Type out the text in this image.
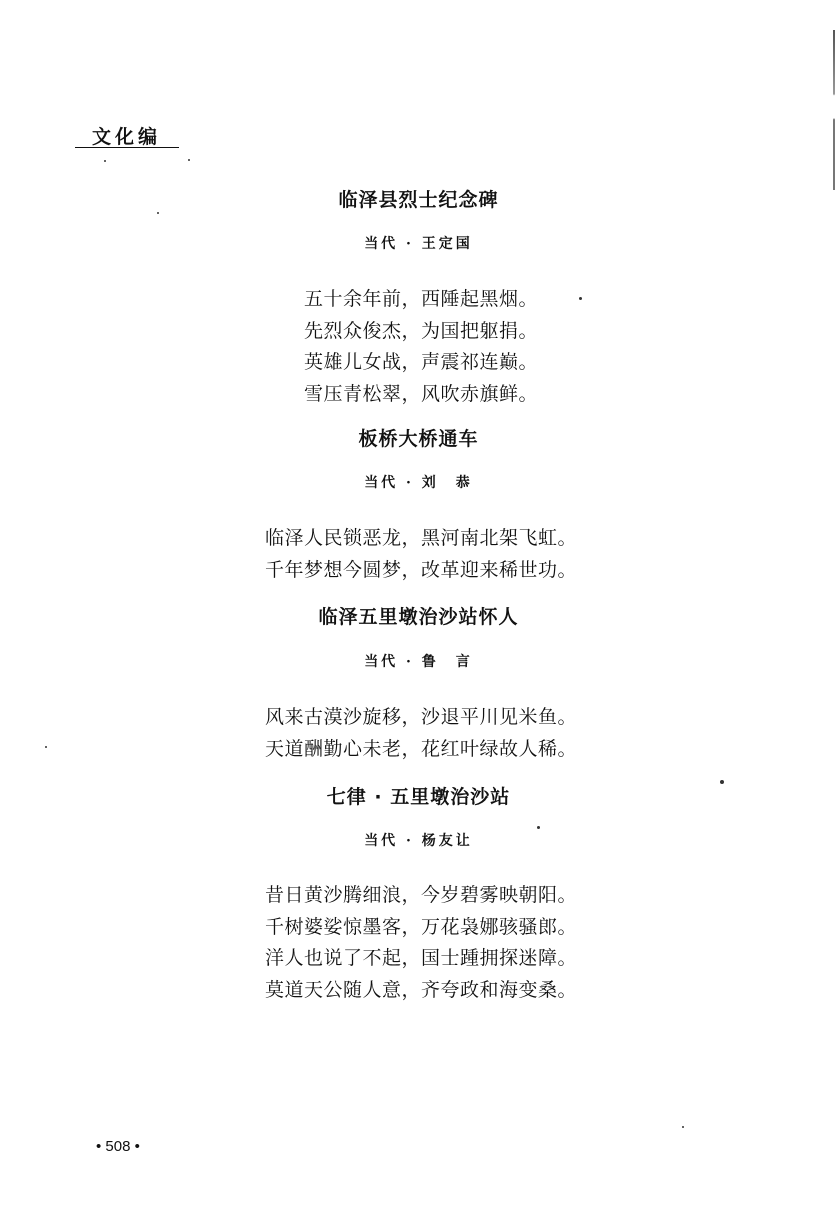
文化编
临泽县烈士纪念碑
当代 · 王定国
五十余年前，西陲起黑烟。
先烈众俊杰，为国把躯捐。
英雄儿女战，声震祁连巅。
雪压青松翠，风吹赤旗鲜。
板桥大桥通车
当代 · 刘　恭
临泽人民锁恶龙，黑河南北架飞虹。
千年梦想今圆梦，改革迎来稀世功。
临泽五里墩治沙站怀人
当代 · 鲁　言
风来古漠沙旋移，沙退平川见米鱼。
天道酬勤心未老，花红叶绿故人稀。
七律 · 五里墩治沙站
当代 · 杨友让
昔日黄沙腾细浪，今岁碧雾映朝阳。
千树婆娑惊墨客，万花袅娜骇骚郎。
洋人也说了不起，国士踵拥探迷障。
莫道天公随人意，齐夸政和海变桑。
• 508 •
